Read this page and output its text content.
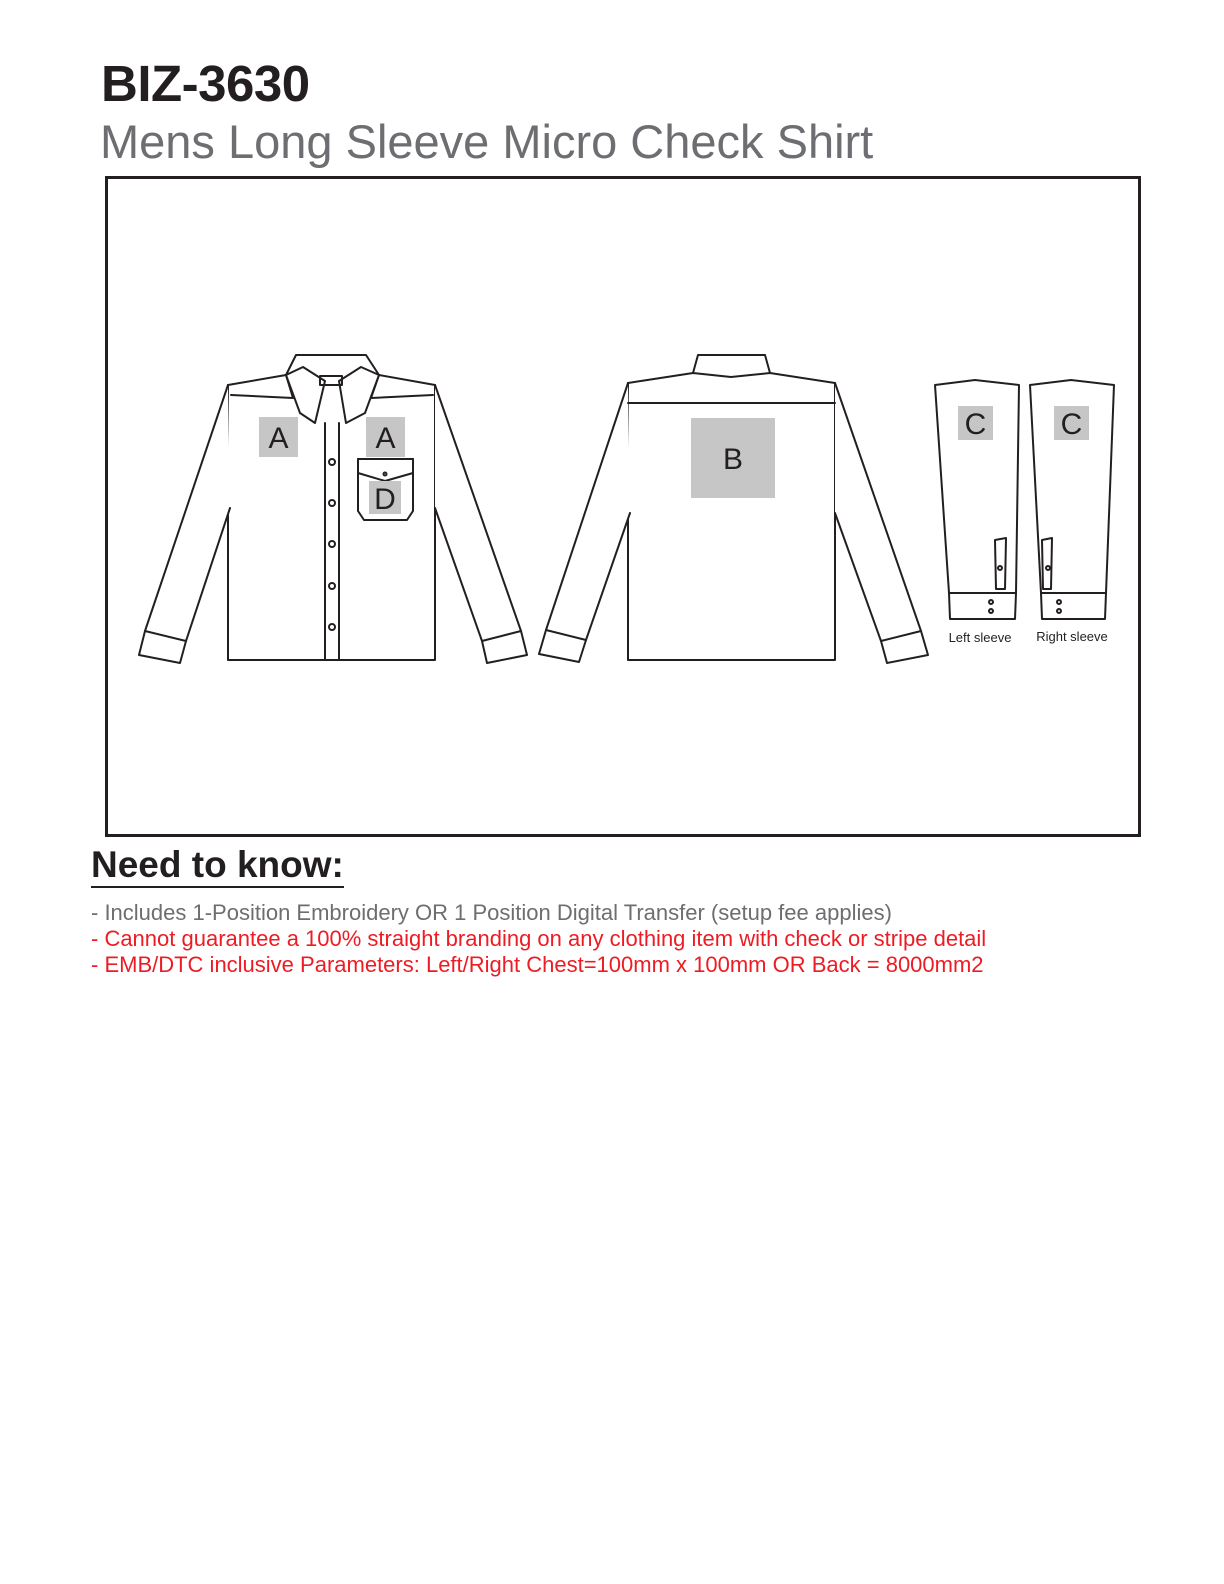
BIZ-3630
Mens Long Sleeve Micro Check Shirt
A	A
D
B
C C
Left sleeve Right sleeve
Need to know:
- Includes 1-Position Embroidery OR 1 Position Digital Transfer (setup fee applies)
- Cannot guarantee a 100% straight branding on any clothing item with check or stripe detail
- EMB/DTC inclusive Parameters: Left/Right Chest=100mm x 100mm OR Back = 8000mm2
